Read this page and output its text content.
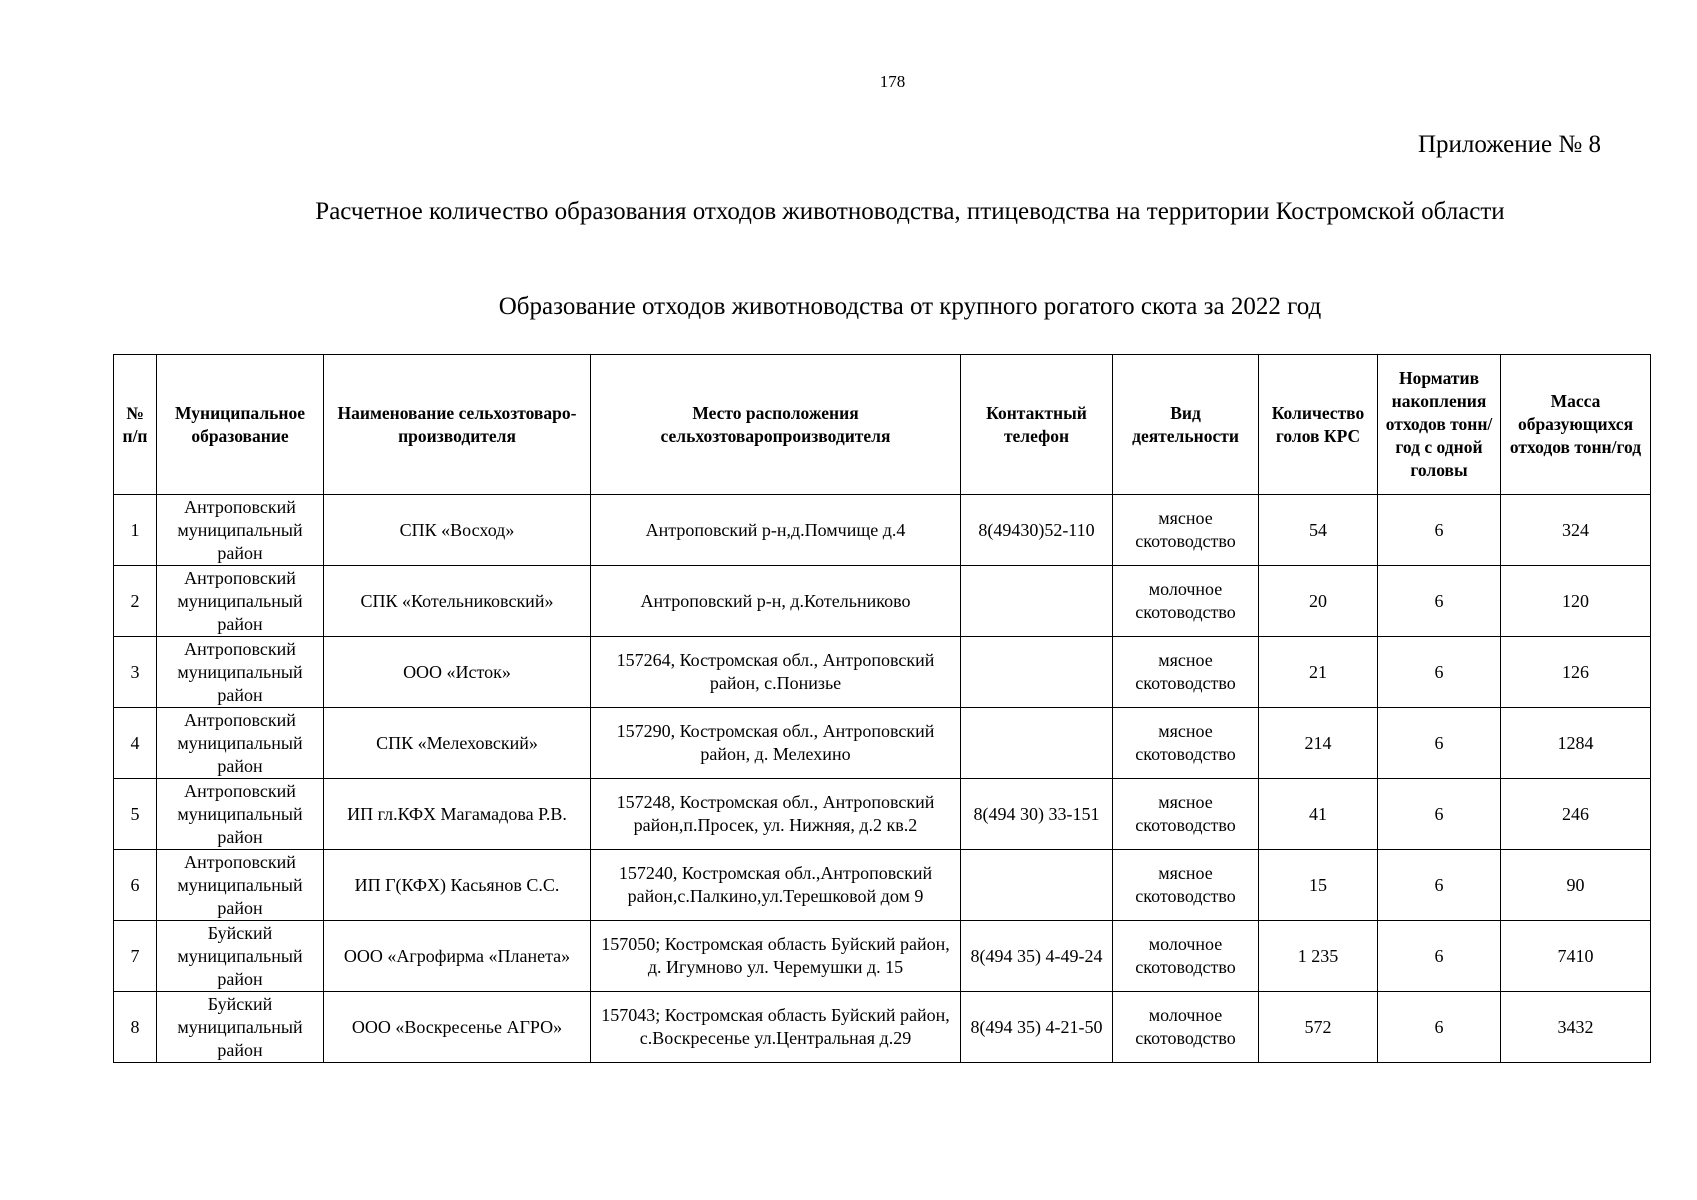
178
Приложение № 8
Расчетное количество образования отходов животноводства, птицеводства на территории Костромской области
Образование отходов животноводства от крупного рогатого скота за 2022 год
№ п/п	Муниципальное образование	Наименование сельхозтоваро-производителя	Место расположения сельхозтоваропроизводителя	Контактный телефон	Вид деятельности	Количество голов КРС	Норматив накопления отходов тонн/год с одной головы	Масса образующихся отходов тонн/год
1	Антроповский муниципальный район	СПК «Восход»	Антроповский р-н,д.Помчище д.4	8(49430)52-110	мясное скотоводство	54	6	324
2	Антроповский муниципальный район	СПК «Котельниковский»	Антроповский р-н, д.Котельниково		молочное скотоводство	20	6	120
3	Антроповский муниципальный район	ООО «Исток»	157264, Костромская обл., Антроповский район, с.Понизье		мясное скотоводство	21	6	126
4	Антроповский муниципальный район	СПК «Мелеховский»	157290, Костромская обл., Антроповский район, д. Мелехино		мясное скотоводство	214	6	1284
5	Антроповский муниципальный район	ИП гл.КФХ Магамадова Р.В.	157248, Костромская обл., Антроповский район,п.Просек, ул. Нижняя, д.2 кв.2	8(494 30) 33-151	мясное скотоводство	41	6	246
6	Антроповский муниципальный район	ИП Г(КФХ) Касьянов С.С.	157240, Костромская обл.,Антроповский район,с.Палкино,ул.Терешковой дом 9		мясное скотоводство	15	6	90
7	Буйский муниципальный район	ООО «Агрофирма «Планета»	157050; Костромская область Буйский район, д. Игумново ул. Черемушки д. 15	8(494 35) 4-49-24	молочное скотоводство	1 235	6	7410
8	Буйский муниципальный район	ООО «Воскресенье АГРО»	157043; Костромская область Буйский район, с.Воскресенье ул.Центральная д.29	8(494 35) 4-21-50	молочное скотоводство	572	6	3432
